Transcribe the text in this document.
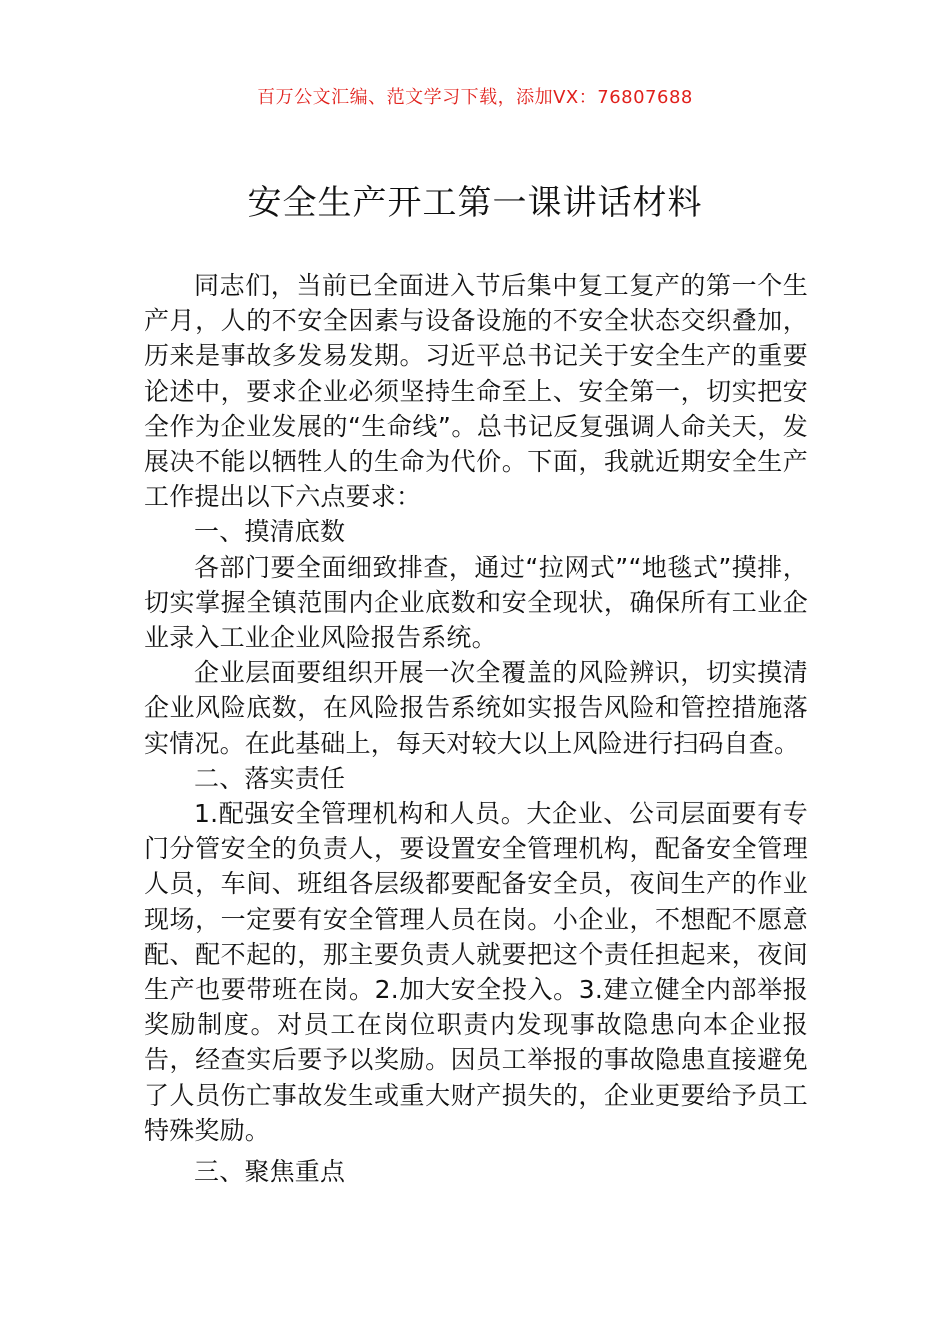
百万公文汇编、范文学习下载，添加VX：76807688
安全生产开工第一课讲话材料

同志们，当前已全面进入节后集中复工复产的第一个生产月，人的不安全因素与设备设施的不安全状态交织叠加，历来是事故多发易发期。习近平总书记关于安全生产的重要论述中，要求企业必须坚持生命至上、安全第一，切实把安全作为企业发展的“生命线”。总书记反复强调人命关天，发展决不能以牺牲人的生命为代价。下面，我就近期安全生产工作提出以下六点要求：

一、摸清底数

各部门要全面细致排查，通过“拉网式”“地毯式”摸排，切实掌握全镇范围内企业底数和安全现状，确保所有工业企业录入工业企业风险报告系统。

企业层面要组织开展一次全覆盖的风险辨识，切实摸清企业风险底数，在风险报告系统如实报告风险和管控措施落实情况。在此基础上，每天对较大以上风险进行扫码自查。

二、落实责任

1.配强安全管理机构和人员。大企业、公司层面要有专门分管安全的负责人，要设置安全管理机构，配备安全管理人员，车间、班组各层级都要配备安全员，夜间生产的作业现场，一定要有安全管理人员在岗。小企业，不想配不愿意配、配不起的，那主要负责人就要把这个责任担起来，夜间生产也要带班在岗。2.加大安全投入。3.建立健全内部举报奖励制度。对员工在岗位职责内发现事故隐患向本企业报告，经查实后要予以奖励。因员工举报的事故隐患直接避免了人员伤亡事故发生或重大财产损失的，企业更要给予员工特殊奖励。

三、聚焦重点
